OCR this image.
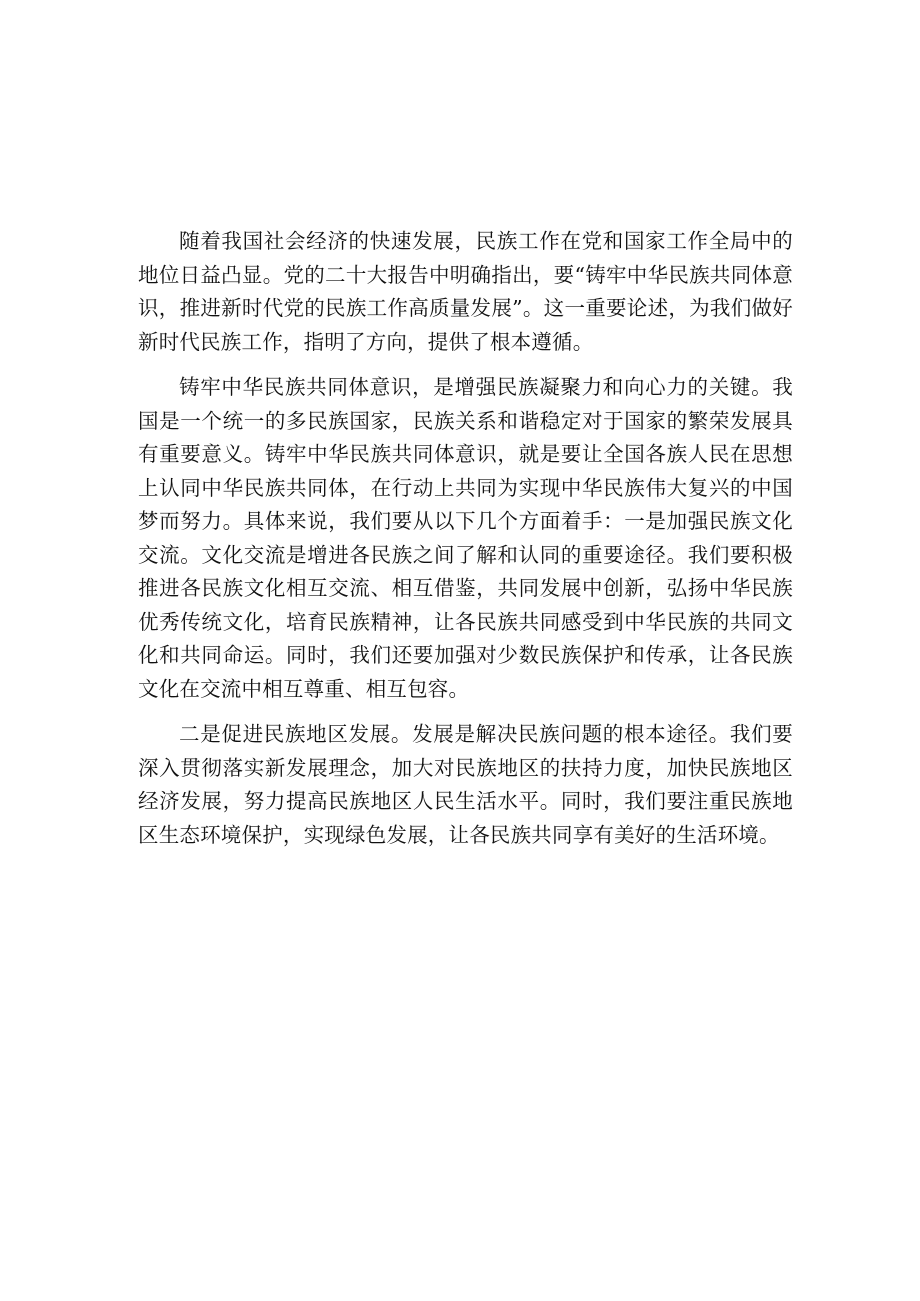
随着我国社会经济的快速发展，民族工作在党和国家工作全局中的地位日益凸显。党的二十大报告中明确指出，要“铸牢中华民族共同体意识，推进新时代党的民族工作高质量发展”。这一重要论述，为我们做好新时代民族工作，指明了方向，提供了根本遵循。

铸牢中华民族共同体意识，是增强民族凝聚力和向心力的关键。我国是一个统一的多民族国家，民族关系和谐稳定对于国家的繁荣发展具有重要意义。铸牢中华民族共同体意识，就是要让全国各族人民在思想上认同中华民族共同体，在行动上共同为实现中华民族伟大复兴的中国梦而努力。具体来说，我们要从以下几个方面着手：一是加强民族文化交流。文化交流是增进各民族之间了解和认同的重要途径。我们要积极推进各民族文化相互交流、相互借鉴，共同发展中创新，弘扬中华民族优秀传统文化，培育民族精神，让各民族共同感受到中华民族的共同文化和共同命运。同时，我们还要加强对少数民族保护和传承，让各民族文化在交流中相互尊重、相互包容。

二是促进民族地区发展。发展是解决民族问题的根本途径。我们要深入贯彻落实新发展理念，加大对民族地区的扶持力度，加快民族地区经济发展，努力提高民族地区人民生活水平。同时，我们要注重民族地区生态环境保护，实现绿色发展，让各民族共同享有美好的生活环境。
